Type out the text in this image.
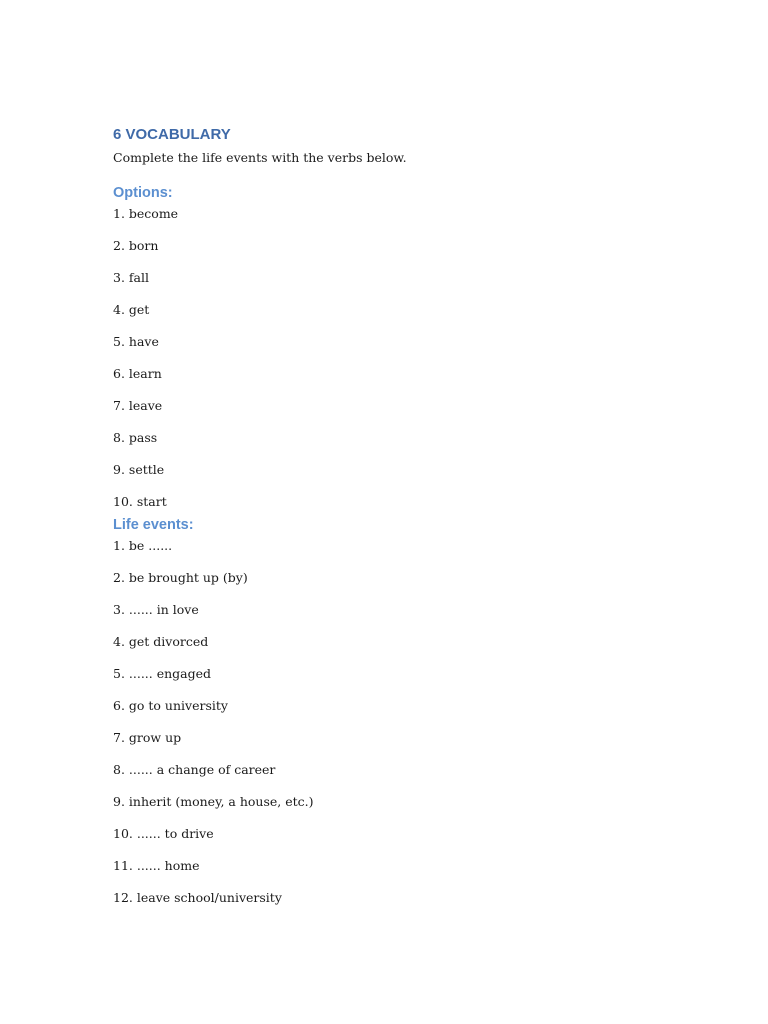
6 VOCABULARY

Complete the life events with the verbs below.

Options:
1. become
2. born
3. fall
4. get
5. have
6. learn
7. leave
8. pass
9. settle
10. start
Life events:
1. be ......
2. be brought up (by)
3. ...... in love
4. get divorced
5. ...... engaged
6. go to university
7. grow up
8. ...... a change of career
9. inherit (money, a house, etc.)
10. ...... to drive
11. ...... home
12. leave school/university
